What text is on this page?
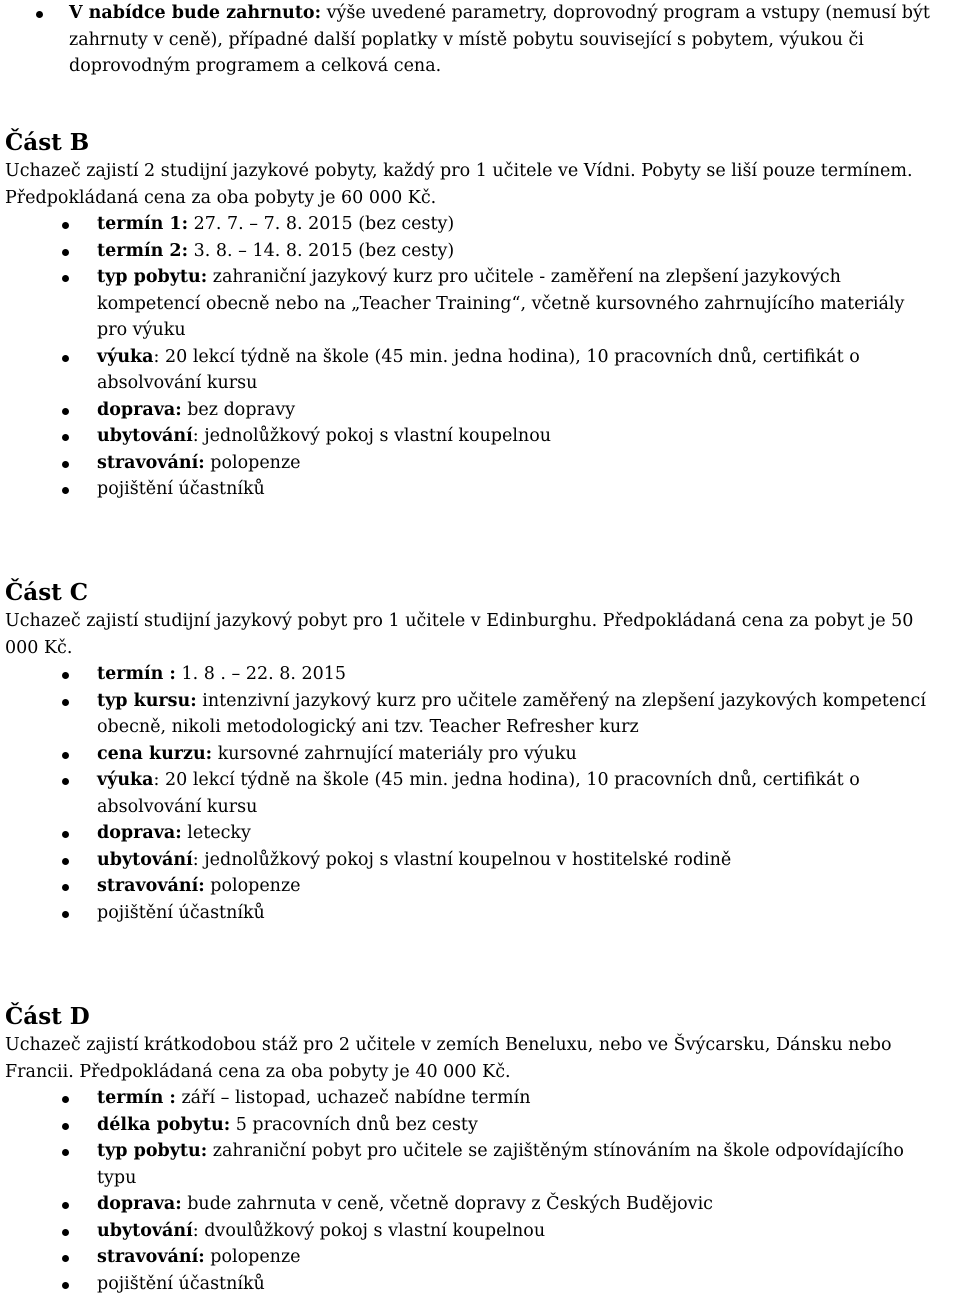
V nabídce bude zahrnuto: výše uvedené parametry, doprovodný program a vstupy (nemusí být zahrnuty v ceně), případné další poplatky v místě pobytu související s pobytem, výukou či doprovodným programem a celková cena.
Část B
Uchazeč zajistí 2 studijní jazykové pobyty, každý pro 1 učitele ve Vídni. Pobyty se liší pouze termínem. Předpokládaná cena za oba pobyty je 60 000 Kč.
termín 1: 27. 7. – 7. 8. 2015 (bez cesty)
termín 2: 3. 8. – 14. 8. 2015 (bez cesty)
typ pobytu: zahraniční jazykový kurz pro učitele - zaměření na zlepšení jazykových kompetencí obecně nebo na „Teacher Training“, včetně kursovného zahrnujícího materiály pro výuku
výuka: 20 lekcí týdně na škole (45 min. jedna hodina), 10 pracovních dnů, certifikát o absolvování kursu
doprava: bez dopravy
ubytování: jednolůžkový pokoj s vlastní koupelnou
stravování: polopenze
pojištění účastníků
Část C
Uchazeč zajistí studijní jazykový pobyt pro 1 učitele v Edinburghu. Předpokládaná cena za pobyt je 50 000 Kč.
termín : 1. 8 . – 22. 8. 2015
typ kursu: intenzivní jazykový kurz pro učitele zaměřený na zlepšení jazykových kompetencí obecně, nikoli metodologický ani tzv. Teacher Refresher kurz
cena kurzu: kursovné zahrnující materiály pro výuku
výuka: 20 lekcí týdně na škole (45 min. jedna hodina), 10 pracovních dnů, certifikát o absolvování kursu
doprava: letecky
ubytování: jednolůžkový pokoj s vlastní koupelnou v hostitelské rodině
stravování: polopenze
pojištění účastníků
Část D
Uchazeč zajistí krátkodobou stáž pro 2 učitele v zemích Beneluxu, nebo ve Švýcarsku, Dánsku nebo Francii. Předpokládaná cena za oba pobyty je 40 000 Kč.
termín : září – listopad, uchazeč nabídne termín
délka pobytu: 5 pracovních dnů bez cesty
typ pobytu: zahraniční pobyt pro učitele se zajištěným stínováním na škole odpovídajícího typu
doprava: bude zahrnuta v ceně, včetně dopravy z Českých Budějovic
ubytování: dvoulůžkový pokoj s vlastní koupelnou
stravování: polopenze
pojištění účastníků
